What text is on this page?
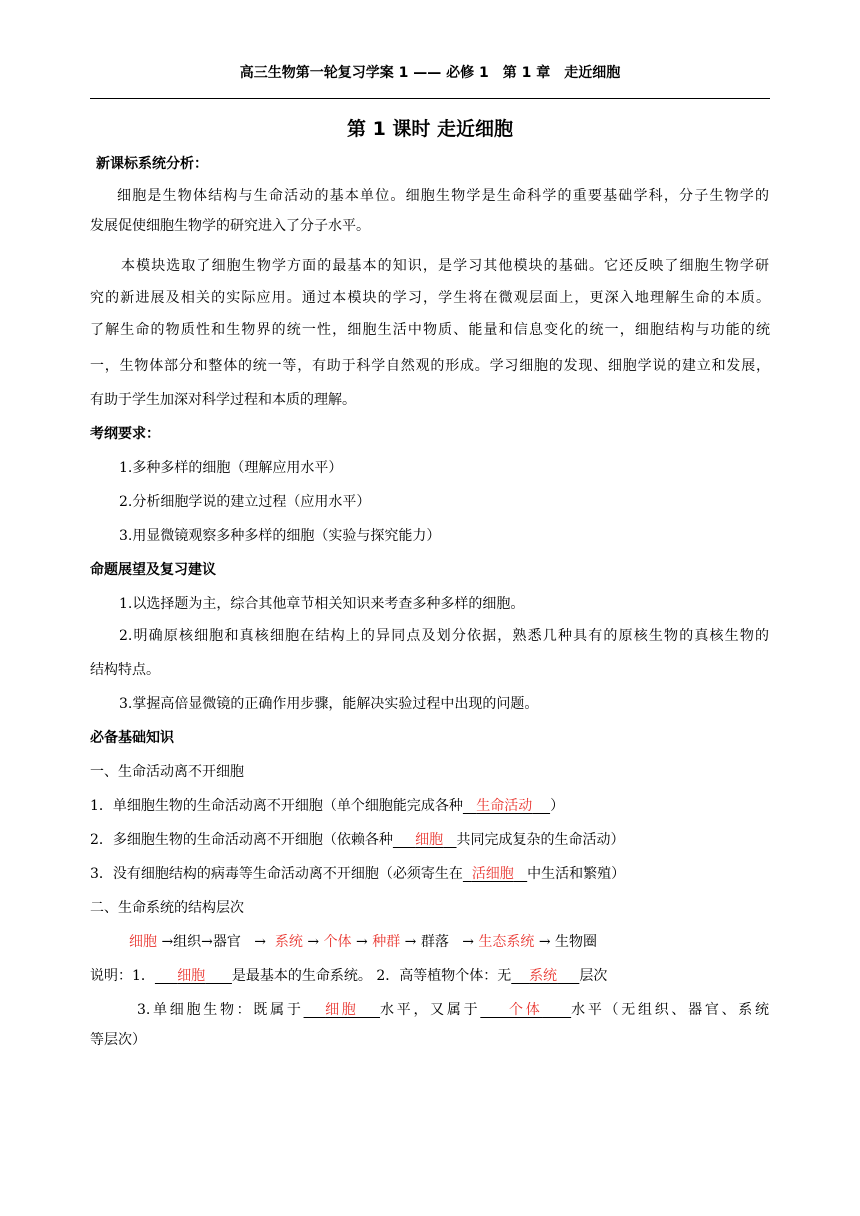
高三生物第一轮复习学案 1 —— 必修 1　第 1 章　走近细胞
第 1 课时 走近细胞
新课标系统分析：
细胞是生物体结构与生命活动的基本单位。细胞生物学是生命科学的重要基础学科，分子生物学的
发展促使细胞生物学的研究进入了分子水平。
本模块选取了细胞生物学方面的最基本的知识，是学习其他模块的基础。它还反映了细胞生物学研
究的新进展及相关的实际应用。通过本模块的学习，学生将在微观层面上，更深入地理解生命的本质。
了解生命的物质性和生物界的统一性，细胞生活中物质、能量和信息变化的统一，细胞结构与功能的统
一，生物体部分和整体的统一等，有助于科学自然观的形成。学习细胞的发现、细胞学说的建立和发展，
有助于学生加深对科学过程和本质的理解。
考纲要求：
1.多种多样的细胞（理解应用水平）
2.分析细胞学说的建立过程（应用水平）
3.用显微镜观察多种多样的细胞（实验与探究能力）
命题展望及复习建议
1.以选择题为主，综合其他章节相关知识来考查多种多样的细胞。
2.明确原核细胞和真核细胞在结构上的异同点及划分依据，熟悉几种具有的原核生物的真核生物的
结构特点。
3.掌握高倍显微镜的正确作用步骤，能解决实验过程中出现的问题。
必备基础知识
一、生命活动离不开细胞
1．单细胞生物的生命活动离不开细胞（单个细胞能完成各种 生命活动 ）
2．多细胞生物的生命活动离不开细胞（依赖各种 细胞 共同完成复杂的生命活动）
3．没有细胞结构的病毒等生命活动离不开细胞（必须寄生在 活细胞 中生活和繁殖）
二、生命系统的结构层次
细胞 →组织→器官 → 系统 → 个体 → 种群 → 群落 → 生态系统 → 生物圈
说明：1． 细胞 是最基本的生命系统。 2．高等植物个体：无 系统 层次
3.单细胞生物：既属于 细胞 水平，又属于 个体 水平（无组织、器官、系统
等层次）
